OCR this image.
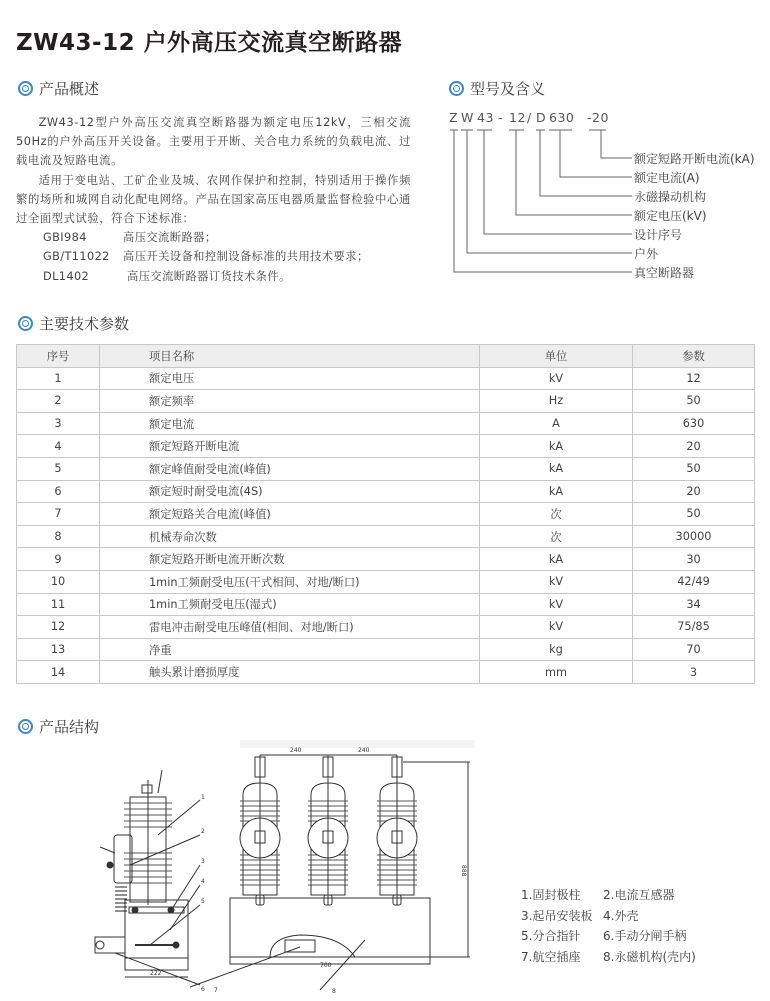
ZW43-12 户外高压交流真空断路器
产品概述

ZW43-12型户外高压交流真空断路器为额定电压12kV，三相交流50Hz的户外高压开关设备。主要用于开断、关合电力系统的负载电流、过载电流及短路电流。

适用于变电站、工矿企业及城、农网作保护和控制，特别适用于操作频繁的场所和城网自动化配电网络。产品在国家高压电器质量监督检验中心通过全面型式试验，符合下述标准：

GBI984	高压交流断路器；
GB/T11022	高压开关设备和控制设备标准的共用技术要求；
DL1402	高压交流断路器订货技术条件。
型号及含义
Z W 43 - 12 / D 630 -20
额定短路开断电流(kA)
额定电流(A)
永磁操动机构
额定电压(kV)
设计序号
户外
真空断路器
主要技术参数
序号	项目名称	单位	参数
1	额定电压	kV	12
2	额定频率	Hz	50
3	额定电流	A	630
4	额定短路开断电流	kA	20
5	额定峰值耐受电流(峰值)	kA	50
6	额定短时耐受电流(4S)	kA	20
7	额定短路关合电流(峰值)	次	50
8	机械寿命次数	次	30000
9	额定短路开断电流开断次数	kA	30
10	1min工频耐受电压(干式相间、对地/断口)	kV	42/49
11	1min工频耐受电压(湿式)	kV	34
12	雷电冲击耐受电压峰值(相间、对地/断口)	kV	75/85
13	净重	kg	70
14	触头累计磨损厚度	mm	3
产品结构
240	240
888
222
700
1
2
3
4
5
6 7	8
1.固封极柱	2.电流互感器
3.起吊安装板 4.外壳
5.分合指针	6.手动分闸手柄
7.航空插座	8.永磁机构(壳内)
